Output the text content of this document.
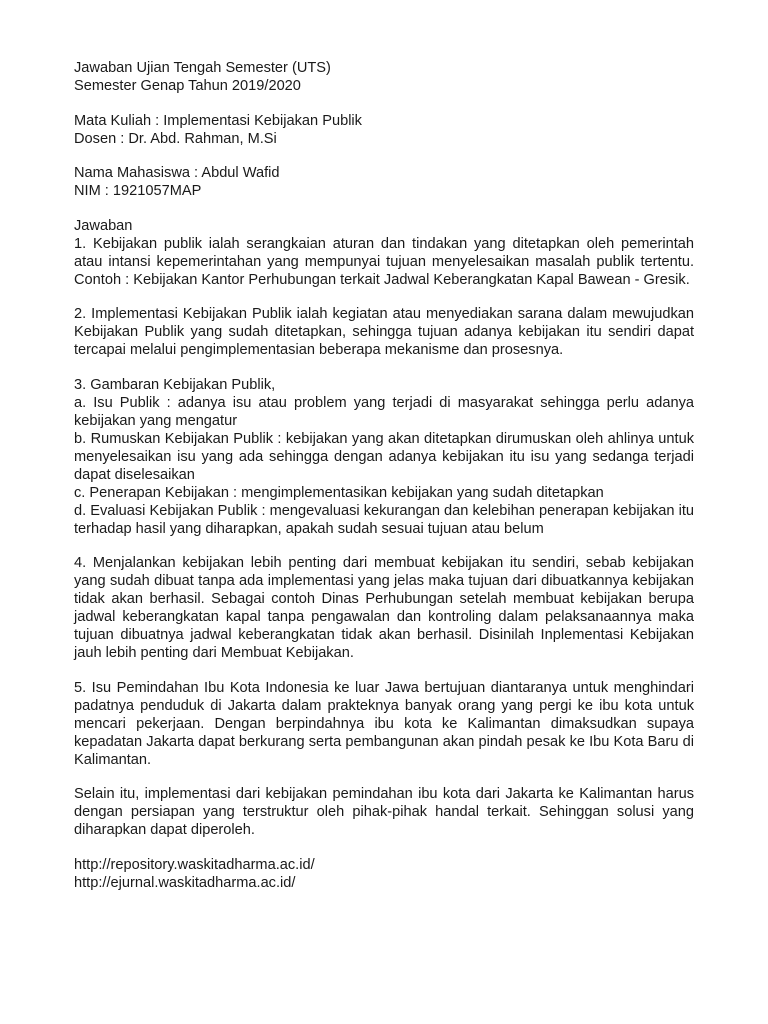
Jawaban Ujian Tengah Semester (UTS)
Semester Genap Tahun 2019/2020
Mata Kuliah : Implementasi Kebijakan Publik
Dosen : Dr. Abd. Rahman, M.Si
Nama Mahasiswa : Abdul Wafid
NIM : 1921057MAP
Jawaban

1. Kebijakan publik ialah serangkaian aturan dan tindakan yang ditetapkan oleh pemerintah atau intansi kepemerintahan yang mempunyai tujuan menyelesaikan masalah publik tertentu. Contoh : Kebijakan Kantor Perhubungan terkait Jadwal Keberangkatan Kapal Bawean - Gresik.

2. Implementasi Kebijakan Publik ialah kegiatan atau menyediakan sarana dalam mewujudkan Kebijakan Publik yang sudah ditetapkan, sehingga tujuan adanya kebijakan itu sendiri dapat tercapai melalui pengimplementasian beberapa mekanisme dan prosesnya.

3. Gambaran Kebijakan Publik,

a. Isu Publik : adanya isu atau problem yang terjadi di masyarakat sehingga perlu adanya kebijakan yang mengatur

b. Rumuskan Kebijakan Publik : kebijakan yang akan ditetapkan dirumuskan oleh ahlinya untuk menyelesaikan isu yang ada sehingga dengan adanya kebijakan itu isu yang sedanga terjadi dapat diselesaikan

c. Penerapan Kebijakan : mengimplementasikan kebijakan yang sudah ditetapkan

d. Evaluasi Kebijakan Publik : mengevaluasi kekurangan dan kelebihan penerapan kebijakan itu terhadap hasil yang diharapkan, apakah sudah sesuai tujuan atau belum

4. Menjalankan kebijakan lebih penting dari membuat kebijakan itu sendiri, sebab kebijakan yang sudah dibuat tanpa ada implementasi yang jelas maka tujuan dari dibuatkannya kebijakan tidak akan berhasil. Sebagai contoh Dinas Perhubungan setelah membuat kebijakan berupa jadwal keberangkatan kapal tanpa pengawalan dan kontroling dalam pelaksanaannya maka tujuan dibuatnya jadwal keberangkatan tidak akan berhasil. Disinilah Inplementasi Kebijakan jauh lebih penting dari Membuat Kebijakan.

5. Isu Pemindahan Ibu Kota Indonesia ke luar Jawa bertujuan diantaranya untuk menghindari padatnya penduduk di Jakarta dalam prakteknya banyak orang yang pergi ke ibu kota untuk mencari pekerjaan. Dengan berpindahnya ibu kota ke Kalimantan dimaksudkan supaya kepadatan Jakarta dapat berkurang serta pembangunan akan pindah pesak ke Ibu Kota Baru di Kalimantan.

Selain itu, implementasi dari kebijakan pemindahan ibu kota dari Jakarta ke Kalimantan harus dengan persiapan yang terstruktur oleh pihak-pihak handal terkait. Sehinggan solusi yang diharapkan dapat diperoleh.

http://repository.waskitadharma.ac.id/
http://ejurnal.waskitadharma.ac.id/
